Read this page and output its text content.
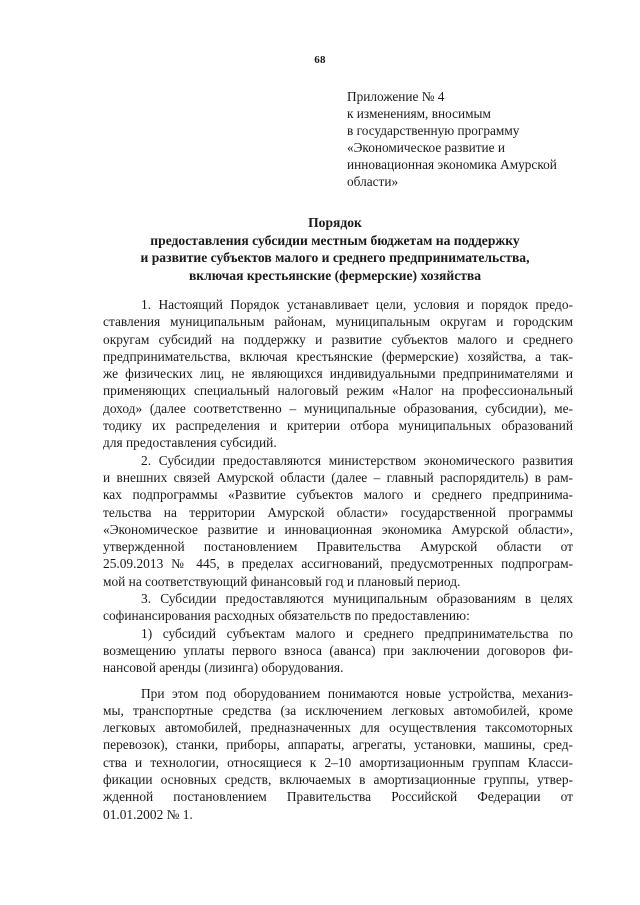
68
Приложение № 4
к изменениям, вносимым
в государственную программу
«Экономическое развитие и
инновационная экономика Амурской
области»
Порядок
предоставления субсидии местным бюджетам на поддержку
и развитие субъектов малого и среднего предпринимательства,
включая крестьянские (фермерские) хозяйства
1. Настоящий Порядок устанавливает цели, условия и порядок предо-
ставления муниципальным районам, муниципальным округам и городским
округам субсидий на поддержку и развитие субъектов малого и среднего
предпринимательства, включая крестьянские (фермерские) хозяйства, а так-
же физических лиц, не являющихся индивидуальными предпринимателями и
применяющих специальный налоговый режим «Налог на профессиональный
доход» (далее соответственно – муниципальные образования, субсидии), ме-
тодику их распределения и критерии отбора муниципальных образований
для предоставления субсидий.
2. Субсидии предоставляются министерством экономического развития
и внешних связей Амурской области (далее – главный распорядитель) в рам-
ках подпрограммы «Развитие субъектов малого и среднего предпринима-
тельства на территории Амурской области» государственной программы
«Экономическое развитие и инновационная экономика Амурской области»,
утвержденной постановлением Правительства Амурской области от
25.09.2013 № 445, в пределах ассигнований, предусмотренных подпрограм-
мой на соответствующий финансовый год и плановый период.
3. Субсидии предоставляются муниципальным образованиям в целях
софинансирования расходных обязательств по предоставлению:
1) субсидий субъектам малого и среднего предпринимательства по
возмещению уплаты первого взноса (аванса) при заключении договоров фи-
нансовой аренды (лизинга) оборудования.
При этом под оборудованием понимаются новые устройства, механиз-
мы, транспортные средства (за исключением легковых автомобилей, кроме
легковых автомобилей, предназначенных для осуществления таксомоторных
перевозок), станки, приборы, аппараты, агрегаты, установки, машины, сред-
ства и технологии, относящиеся к 2–10 амортизационным группам Класси-
фикации основных средств, включаемых в амортизационные группы, утвер-
жденной постановлением Правительства Российской Федерации от
01.01.2002 № 1.
